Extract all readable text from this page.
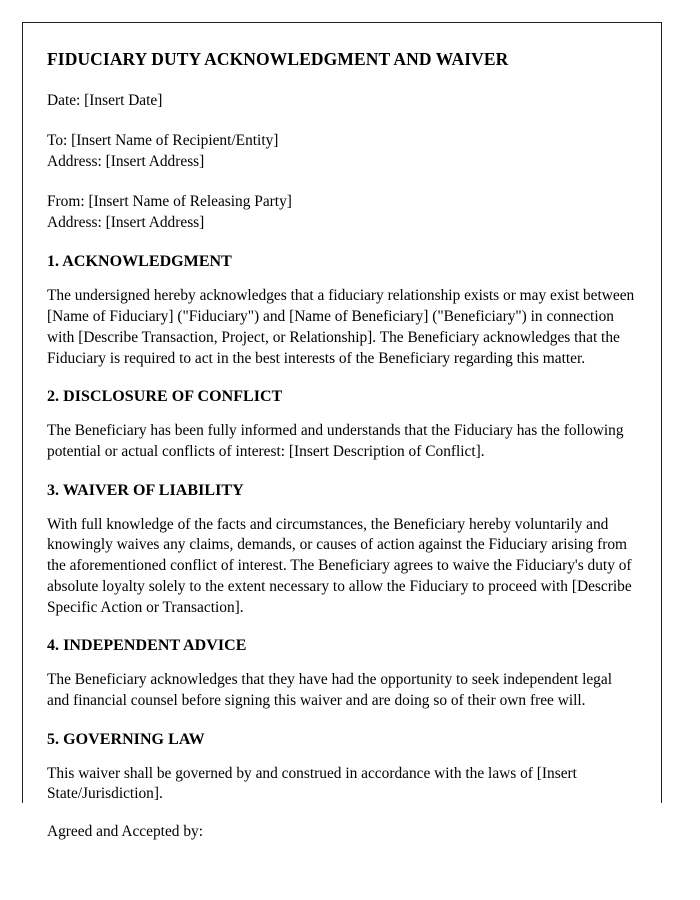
FIDUCIARY DUTY ACKNOWLEDGMENT AND WAIVER

Date: [Insert Date]

To: [Insert Name of Recipient/Entity]

Address: [Insert Address]

From: [Insert Name of Releasing Party]

Address: [Insert Address]

1. ACKNOWLEDGMENT

The undersigned hereby acknowledges that a fiduciary relationship exists or may exist between [Name of Fiduciary] ("Fiduciary") and [Name of Beneficiary] ("Beneficiary") in connection with [Describe Transaction, Project, or Relationship]. The Beneficiary acknowledges that the Fiduciary is required to act in the best interests of the Beneficiary regarding this matter.

2. DISCLOSURE OF CONFLICT

The Beneficiary has been fully informed and understands that the Fiduciary has the following potential or actual conflicts of interest: [Insert Description of Conflict].

3. WAIVER OF LIABILITY

With full knowledge of the facts and circumstances, the Beneficiary hereby voluntarily and knowingly waives any claims, demands, or causes of action against the Fiduciary arising from the aforementioned conflict of interest. The Beneficiary agrees to waive the Fiduciary's duty of absolute loyalty solely to the extent necessary to allow the Fiduciary to proceed with [Describe Specific Action or Transaction].

4. INDEPENDENT ADVICE

The Beneficiary acknowledges that they have had the opportunity to seek independent legal and financial counsel before signing this waiver and are doing so of their own free will.

5. GOVERNING LAW

This waiver shall be governed by and construed in accordance with the laws of [Insert State/Jurisdiction].

Agreed and Accepted by:
